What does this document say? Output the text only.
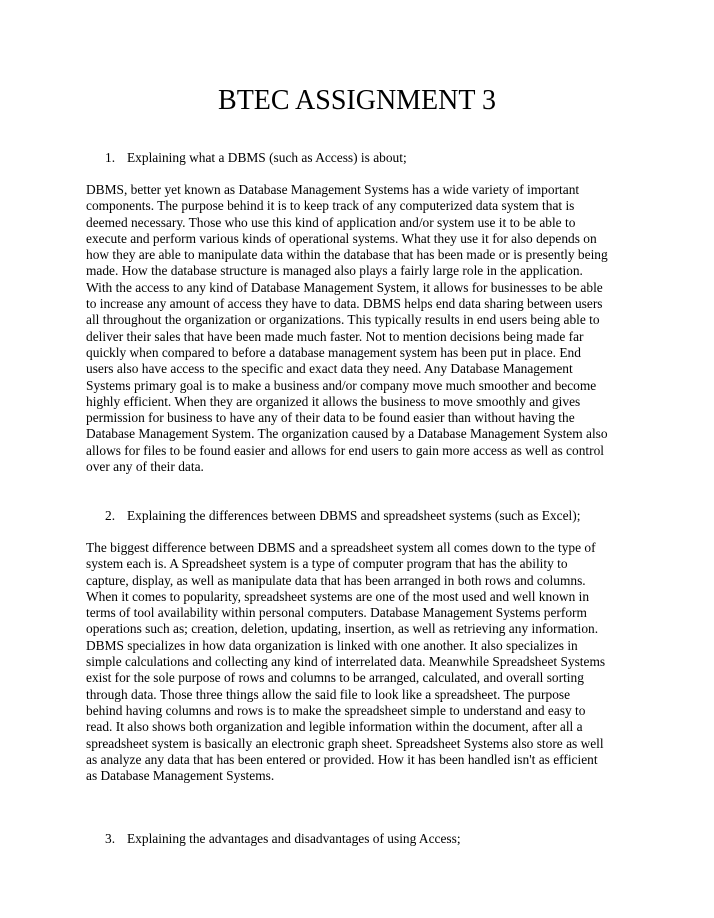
BTEC ASSIGNMENT 3

1. Explaining what a DBMS (such as Access) is about;

DBMS, better yet known as Database Management Systems has a wide variety of important
components. The purpose behind it is to keep track of any computerized data system that is
deemed necessary. Those who use this kind of application and/or system use it to be able to
execute and perform various kinds of operational systems. What they use it for also depends on
how they are able to manipulate data within the database that has been made or is presently being
made. How the database structure is managed also plays a fairly large role in the application.
With the access to any kind of Database Management System, it allows for businesses to be able
to increase any amount of access they have to data. DBMS helps end data sharing between users
all throughout the organization or organizations. This typically results in end users being able to
deliver their sales that have been made much faster. Not to mention decisions being made far
quickly when compared to before a database management system has been put in place. End
users also have access to the specific and exact data they need. Any Database Management
Systems primary goal is to make a business and/or company move much smoother and become
highly efficient. When they are organized it allows the business to move smoothly and gives
permission for business to have any of their data to be found easier than without having the
Database Management System. The organization caused by a Database Management System also
allows for files to be found easier and allows for end users to gain more access as well as control
over any of their data.

2. Explaining the differences between DBMS and spreadsheet systems (such as Excel);

The biggest difference between DBMS and a spreadsheet system all comes down to the type of
system each is. A Spreadsheet system is a type of computer program that has the ability to
capture, display, as well as manipulate data that has been arranged in both rows and columns.
When it comes to popularity, spreadsheet systems are one of the most used and well known in
terms of tool availability within personal computers. Database Management Systems perform
operations such as; creation, deletion, updating, insertion, as well as retrieving any information.
DBMS specializes in how data organization is linked with one another. It also specializes in
simple calculations and collecting any kind of interrelated data. Meanwhile Spreadsheet Systems
exist for the sole purpose of rows and columns to be arranged, calculated, and overall sorting
through data. Those three things allow the said file to look like a spreadsheet. The purpose
behind having columns and rows is to make the spreadsheet simple to understand and easy to
read. It also shows both organization and legible information within the document, after all a
spreadsheet system is basically an electronic graph sheet. Spreadsheet Systems also store as well
as analyze any data that has been entered or provided. How it has been handled isn't as efficient
as Database Management Systems.

3. Explaining the advantages and disadvantages of using Access;
